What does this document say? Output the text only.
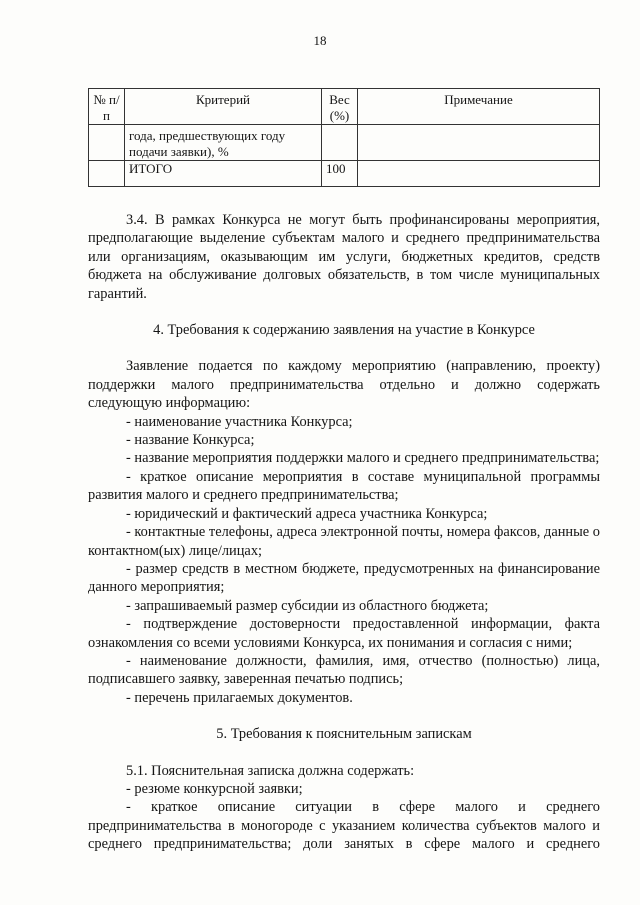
18
№ п/п	Критерий	Вес (%)	Примечание
	года, предшествующих году подачи заявки), %		
	ИТОГО	100	

3.4. В рамках Конкурса не могут быть профинансированы мероприятия, предполагающие выделение субъектам малого и среднего предпринимательства или организациям, оказывающим им услуги, бюджетных кредитов, средств бюджета на обслуживание долговых обязательств, в том числе муниципальных гарантий.

4. Требования к содержанию заявления на участие в Конкурсе

Заявление подается по каждому мероприятию (направлению, проекту) поддержки малого предпринимательства отдельно и должно содержать следующую информацию:

- наименование участника Конкурса;

- название Конкурса;

- название мероприятия поддержки малого и среднего предпринимательства;

- краткое описание мероприятия в составе муниципальной программы развития малого и среднего предпринимательства;

- юридический и фактический адреса участника Конкурса;

- контактные телефоны, адреса электронной почты, номера факсов, данные о контактном(ых) лице/лицах;

- размер средств в местном бюджете, предусмотренных на финансирование данного мероприятия;

- запрашиваемый размер субсидии из областного бюджета;

- подтверждение достоверности предоставленной информации, факта ознакомления со всеми условиями Конкурса, их понимания и согласия с ними;

- наименование должности, фамилия, имя, отчество (полностью) лица, подписавшего заявку, заверенная печатью подпись;

- перечень прилагаемых документов.

5. Требования к пояснительным запискам

5.1. Пояснительная записка должна содержать:

- резюме конкурсной заявки;

- краткое описание ситуации в сфере малого и среднего предпринимательства в моногороде с указанием количества субъектов малого и среднего предпринимательства; доли занятых в сфере малого и среднего
